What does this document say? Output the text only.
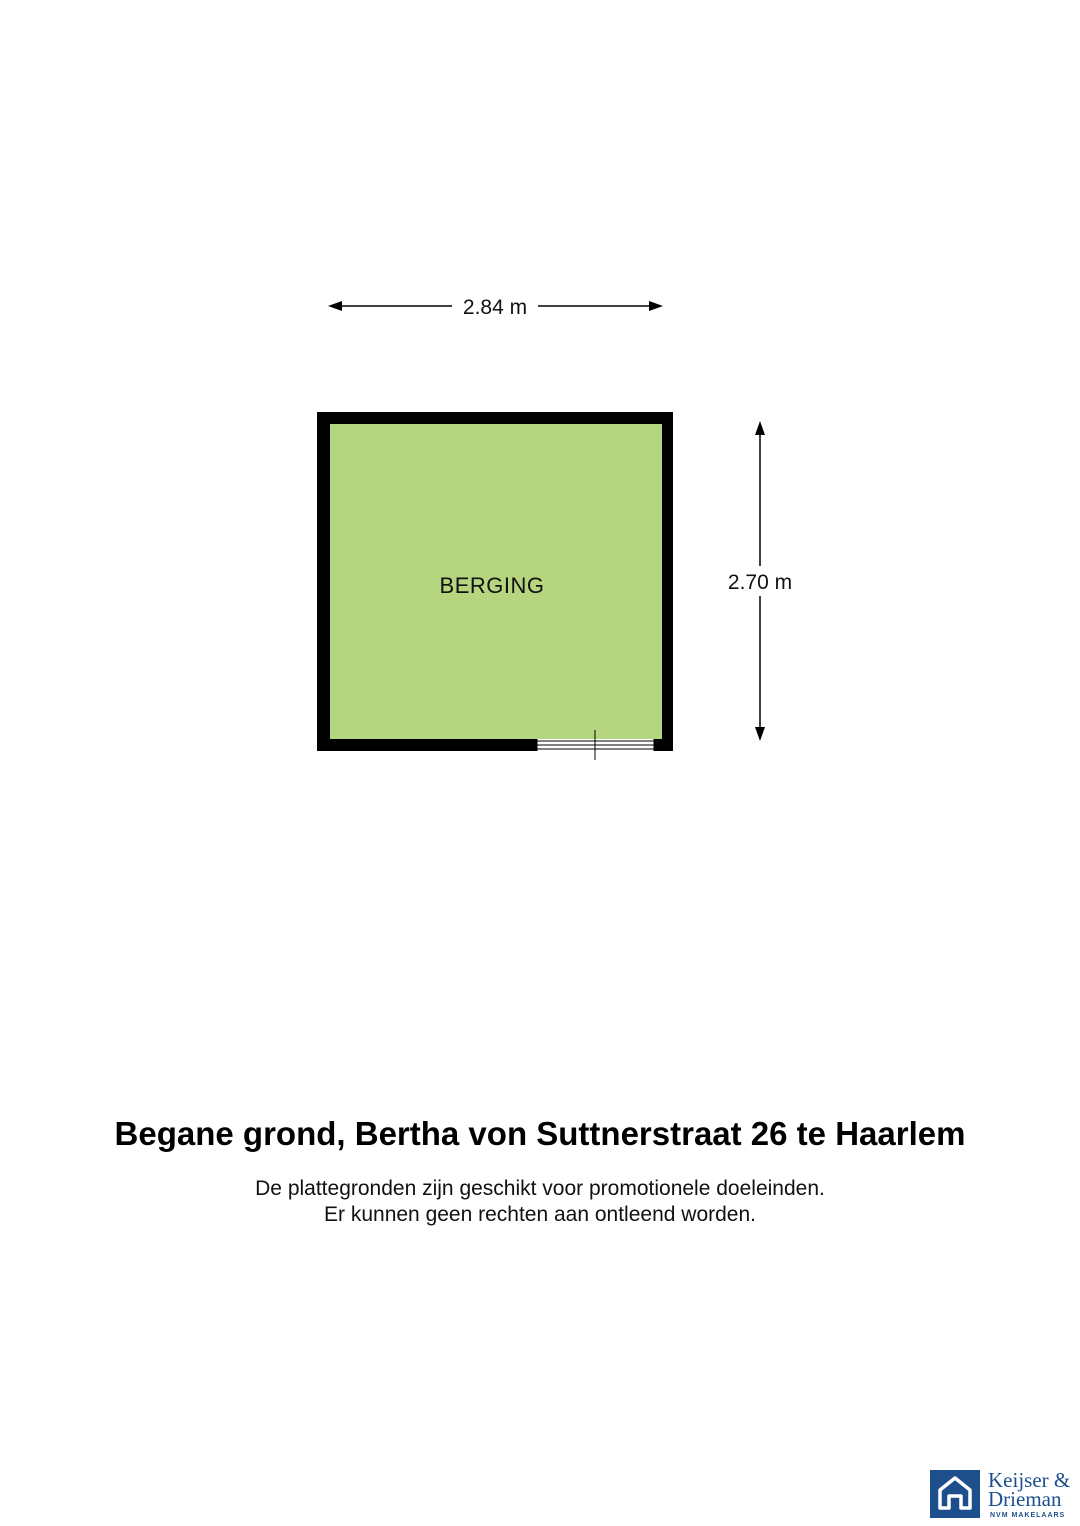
2.84 m
2.70 m
BERGING
Begane grond, Bertha von Suttnerstraat 26 te Haarlem
De plattegronden zijn geschikt voor promotionele doeleinden.
Er kunnen geen rechten aan ontleend worden.
Keijser &
Drieman
NVM MAKELAARS
